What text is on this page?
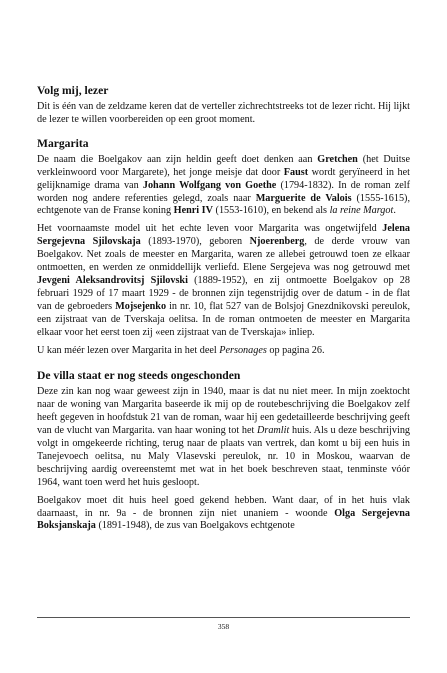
Volg mij, lezer

Dit is één van de zeldzame keren dat de verteller zichrechtstreeks tot de lezer richt. Hij lijkt de lezer te willen voorbereiden op een groot moment.

Margarita

De naam die Boelgakov aan zijn heldin geeft doet denken aan Gretchen (het Duitse verkleinwoord voor Margarete), het jonge meisje dat door Faust wordt gerуïneerd in het gelijknamige drama van Johann Wolfgang von Goethe (1794-1832). In de roman zelf worden nog andere referenties gelegd, zoals naar Marguerite de Valois (1555-1615), echtgenote van de Franse koning Henri IV (1553-1610), en bekend als la reine Margot.

Het voornaamste model uit het echte leven voor Margarita was ongetwijfeld Jelena Sergejevna Sjilovskaja (1893-1970), geboren Njoerenberg, de derde vrouw van Boelgakov. Net zoals de meester en Margarita, waren ze allebei getrouwd toen ze elkaar ontmoetten, en werden ze onmiddellijk verliefd. Elene Sergejeva was nog getrouwd met Jevgeni Aleksandrovitsj Sjilovski (1889-1952), en zij ontmoette Boelgakov op 28 februari 1929 of 17 maart 1929 - de bronnen zijn tegenstrijdig over de datum - in de flat van de gebroeders Mojsejenko in nr. 10, flat 527 van de Bolsjoj Gnezdnikovski pereulok, een zijstraat van de Tverskaja oelitsa. In de roman ontmoeten de meester en Margarita elkaar voor het eerst toen zij «een zijstraat van de Tverskaja» inliep.

U kan méér lezen over Margarita in het deel Personages op pagina 26.

De villa staat er nog steeds ongeschonden

Deze zin kan nog waar geweest zijn in 1940, maar is dat nu niet meer. In mijn zoektocht naar de woning van Margarita baseerde ik mij op de routebeschrijving die Boelgakov zelf heeft gegeven in hoofdstuk 21 van de roman, waar hij een gedetailleerde beschrijving geeft van de vlucht van Margarita. van haar woning tot het Dramlit huis. Als u deze beschrijving volgt in omgekeerde richting, terug naar de plaats van vertrek, dan komt u bij een huis in Tanejevoech oelitsa, nu Maly Vlasevski pereulok, nr. 10 in Moskou, waarvan de beschrijving aardig overeenstemt met wat in het boek beschreven staat, tenminste vóór 1964, want toen werd het huis gesloopt.

Boelgakov moet dit huis heel goed gekend hebben. Want daar, of in het huis vlak daarnaast, in nr. 9a - de bronnen zijn niet unaniem - woonde Olga Sergejevna Boksjanskaja (1891-1948), de zus van Boelgakovs echtgenote

358
